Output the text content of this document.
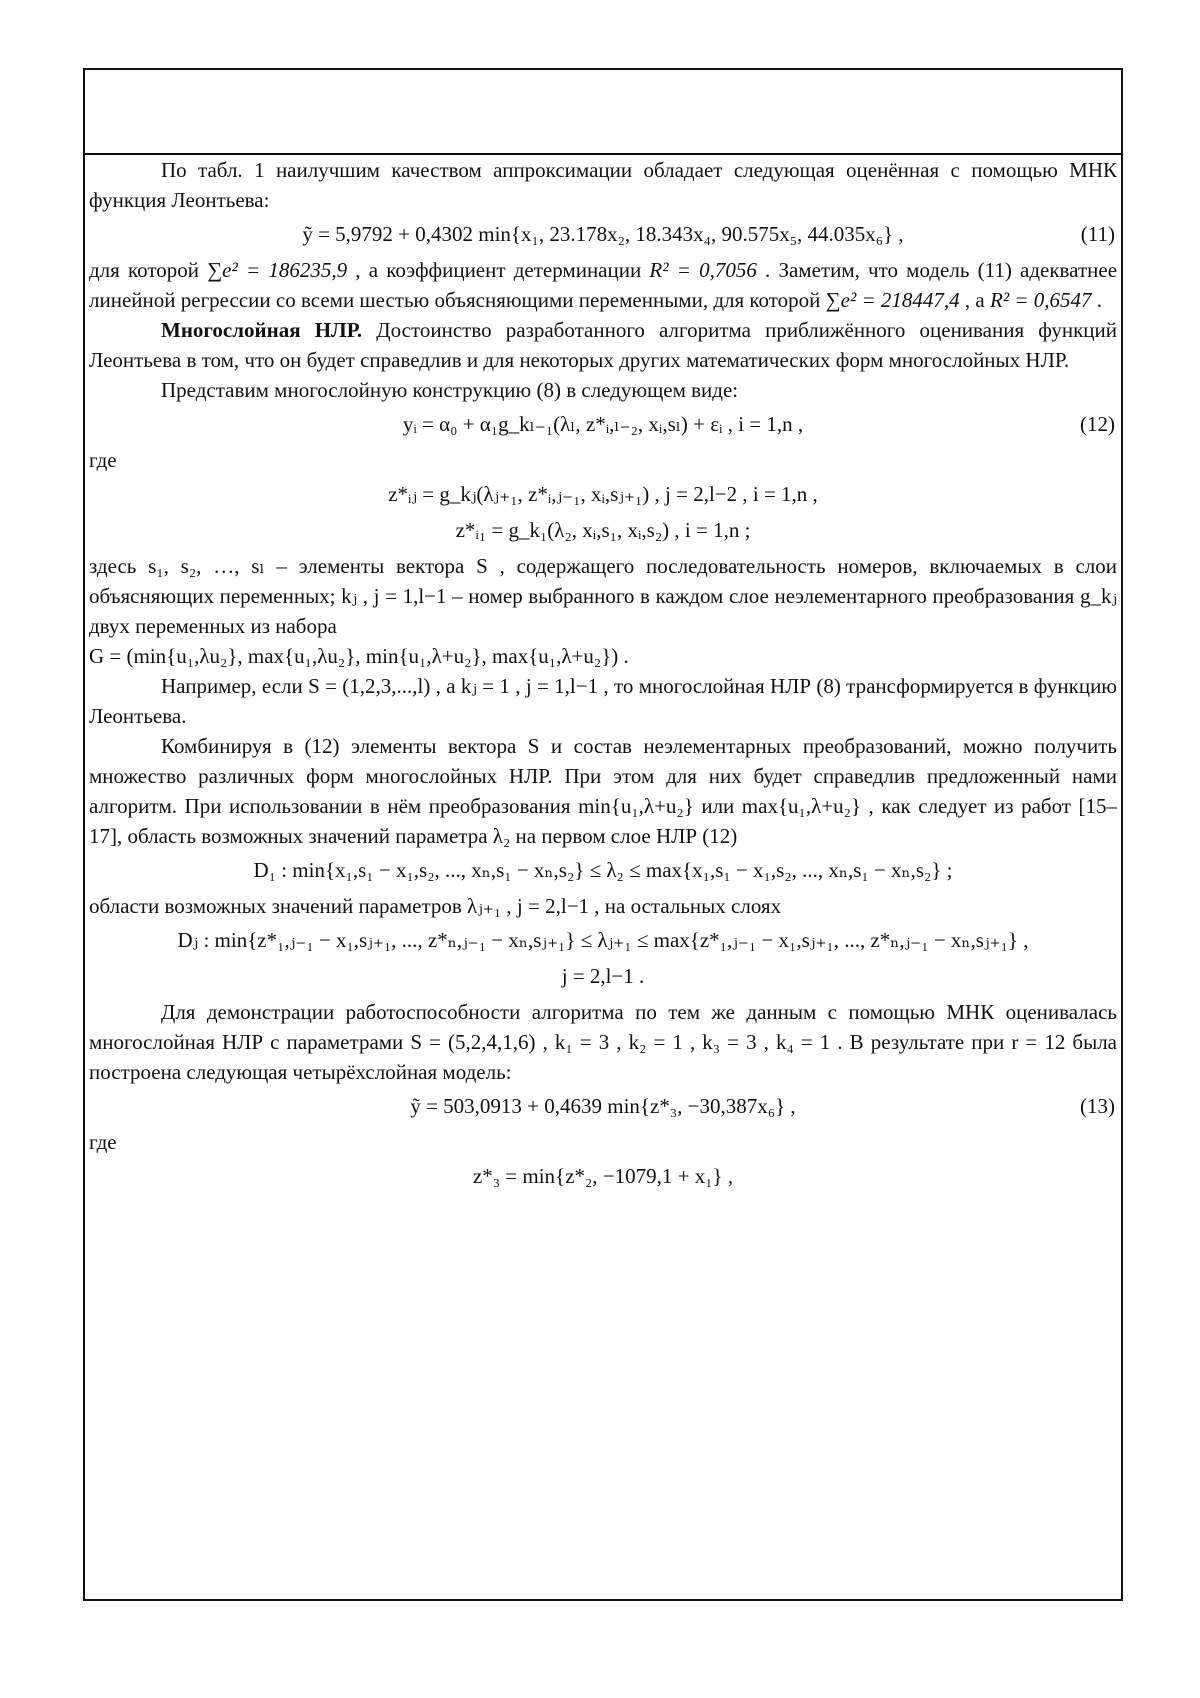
По табл. 1 наилучшим качеством аппроксимации обладает следующая оценённая с помощью МНК функция Леонтьева:

ỹ = 5,9792 + 0,4302 min{x₁, 23.178x₂, 18.343x₄, 90.575x₅, 44.035x₆} ,	(11)

для которой ∑e² = 186235,9 , а коэффициент детерминации R² = 0,7056 . Заметим, что модель (11) адекватнее линейной регрессии со всеми шестью объясняющими переменными, для которой ∑e² = 218447,4 , а R² = 0,6547 .

Многослойная НЛР. Достоинство разработанного алгоритма приближённого оценивания функций Леонтьева в том, что он будет справедлив и для некоторых других математических форм многослойных НЛР.

Представим многослойную конструкцию (8) в следующем виде:

yᵢ = α₀ + α₁g_kₗ₋₁(λₗ, z*ᵢ,ₗ₋₂, xᵢ,sₗ) + εᵢ , i = 1,n ,	(12)

где

z*ᵢⱼ = g_kⱼ(λⱼ₊₁, z*ᵢ,ⱼ₋₁, xᵢ,sⱼ₊₁) , j = 2,l−2 , i = 1,n ,
z*ᵢ₁ = g_k₁(λ₂, xᵢ,s₁, xᵢ,s₂) , i = 1,n ;

здесь s₁, s₂, …, sₗ – элементы вектора S , содержащего последовательность номеров, включаемых в слои объясняющих переменных; kⱼ , j = 1,l−1 – номер выбранного в каждом слое неэлементарного преобразования g_kⱼ двух переменных из набора

G = (min{u₁,λu₂}, max{u₁,λu₂}, min{u₁,λ+u₂}, max{u₁,λ+u₂}) .

Например, если S = (1,2,3,...,l) , а kⱼ = 1 , j = 1,l−1 , то многослойная НЛР (8) трансформируется в функцию Леонтьева.

Комбинируя в (12) элементы вектора S и состав неэлементарных преобразований, можно получить множество различных форм многослойных НЛР. При этом для них будет справедлив предложенный нами алгоритм. При использовании в нём преобразования min{u₁,λ+u₂} или max{u₁,λ+u₂} , как следует из работ [15–17], область возможных значений параметра λ₂ на первом слое НЛР (12)

D₁ : min{x₁,s₁ − x₁,s₂, ..., xₙ,s₁ − xₙ,s₂} ≤ λ₂ ≤ max{x₁,s₁ − x₁,s₂, ..., xₙ,s₁ − xₙ,s₂} ;

области возможных значений параметров λⱼ₊₁ , j = 2,l−1 , на остальных слоях

Dⱼ : min{z*₁,ⱼ₋₁ − x₁,sⱼ₊₁, ..., z*ₙ,ⱼ₋₁ − xₙ,sⱼ₊₁} ≤ λⱼ₊₁ ≤ max{z*₁,ⱼ₋₁ − x₁,sⱼ₊₁, ..., z*ₙ,ⱼ₋₁ − xₙ,sⱼ₊₁} ,
j = 2,l−1 .

Для демонстрации работоспособности алгоритма по тем же данным с помощью МНК оценивалась многослойная НЛР с параметрами S = (5,2,4,1,6) , k₁ = 3 , k₂ = 1 , k₃ = 3 , k₄ = 1 . В результате при r = 12 была построена следующая четырёхслойная модель:

ỹ = 503,0913 + 0,4639 min{z*₃, −30,387x₆} ,	(13)

где

z*₃ = min{z*₂, −1079,1 + x₁} ,
